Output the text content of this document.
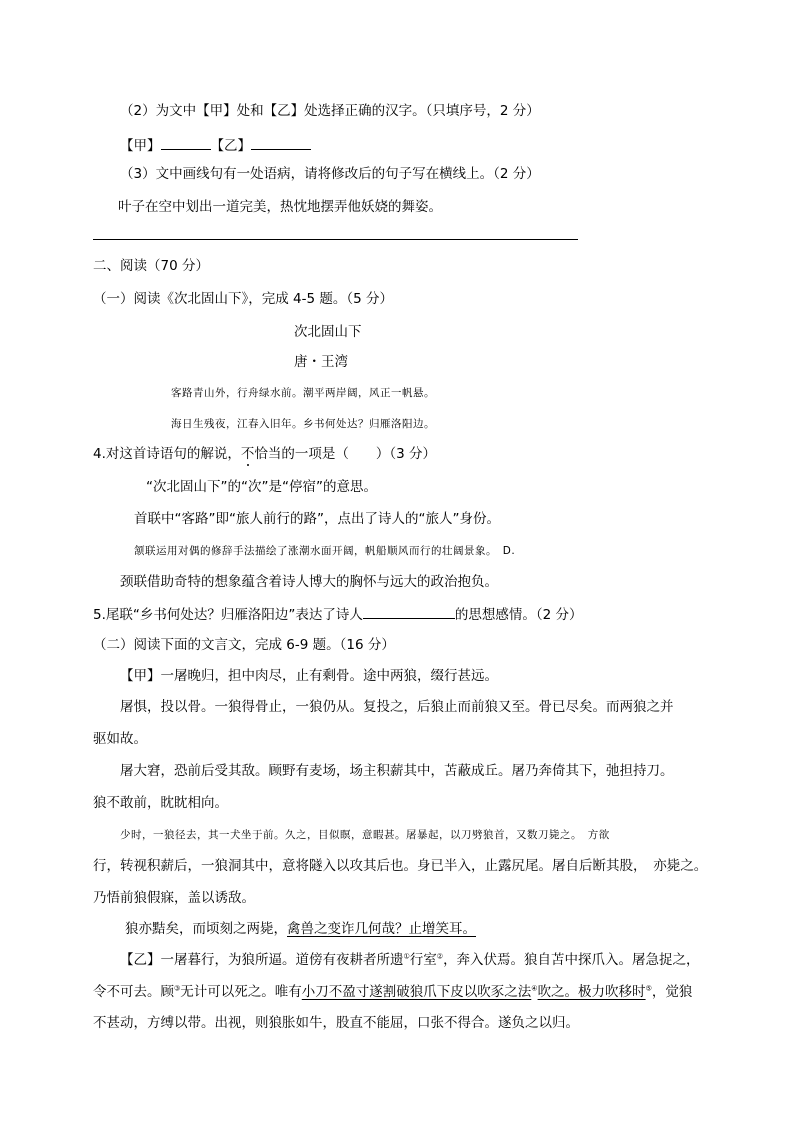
（2）为文中【甲】处和【乙】处选择正确的汉字。（只填序号，2 分）
【甲】	【乙】
（3）文中画线句有一处语病，请将修改后的句子写在横线上。（2 分）
叶子在空中划出一道完美，热忱地摆弄他妖娆的舞姿。
二、阅读（70 分）
（一）阅读《次北固山下》，完成 4-5 题。（5 分）
次北固山下
唐・王湾
客路青山外，行舟绿水前。潮平两岸阔，风正一帆悬。
海日生残夜，江春入旧年。乡书何处达？归雁洛阳边。
4.对这首诗语句的解说，不恰当的一项是（　　）（3 分）
“次北固山下”的“次”是“停宿”的意思。
首联中“客路”即“旅人前行的路”，点出了诗人的“旅人”身份。
颔联运用对偶的修辞手法描绘了涨潮水面开阔，帆船顺风而行的壮阔景象。　D.
颈联借助奇特的想象蕴含着诗人博大的胸怀与远大的政治抱负。
5.尾联“乡书何处达？归雁洛阳边”表达了诗人	的思想感情。（2 分）
（二）阅读下面的文言文，完成 6-9 题。（16 分）
【甲】一屠晚归，担中肉尽，止有剩骨。途中两狼，缀行甚远。
屠惧，投以骨。一狼得骨止，一狼仍从。复投之，后狼止而前狼又至。骨已尽矣。而两狼之并
驱如故。
屠大窘，恐前后受其敌。顾野有麦场，场主积薪其中，苫蔽成丘。屠乃奔倚其下，弛担持刀。
狼不敢前，眈眈相向。
少时，一狼径去，其一犬坐于前。久之，目似瞑，意暇甚。屠暴起，以刀劈狼首，又数刀毙之。　方欲
行，转视积薪后，一狼洞其中，意将隧入以攻其后也。身已半入，止露尻尾。屠自后断其股，　亦毙之。
乃悟前狼假寐，盖以诱敌。
狼亦黠矣，而顷刻之两毙，禽兽之变诈几何哉？止增笑耳。
【乙】一屠暮行，为狼所逼。道傍有夜耕者所遗①行室②，奔入伏焉。狼自苫中探爪入。屠急捉之，
令不可去。顾③无计可以死之。唯有小刀不盈寸遂割破狼爪下皮以吹豕之法④吹之。极力吹移时⑤，觉狼
不甚动，方缚以带。出视，则狼胀如牛，股直不能屈，口张不得合。遂负之以归。
